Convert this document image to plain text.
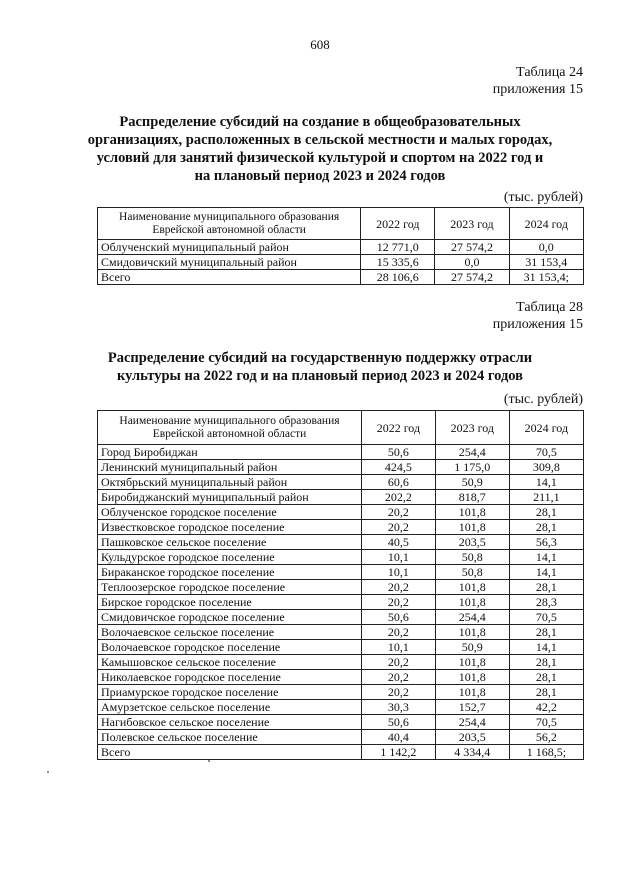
608
Таблица 24
приложения 15
Распределение субсидий на создание в общеобразовательных
организациях, расположенных в сельской местности и малых городах,
условий для занятий физической культурой и спортом на 2022 год и
на плановый период 2023 и 2024 годов
(тыс. рублей)
Наименование муниципального образования Еврейской автономной области	2022 год	2023 год	2024 год
Облученский муниципальный район	12 771,0	27 574,2	0,0
Смидовичский муниципальный район	15 335,6	0,0	31 153,4
Всего	28 106,6	27 574,2	31 153,4;
Таблица 28
приложения 15
Распределение субсидий на государственную поддержку отрасли
культуры на 2022 год и на плановый период 2023 и 2024 годов
(тыс. рублей)
Наименование муниципального образования Еврейской автономной области	2022 год	2023 год	2024 год
Город Биробиджан	50,6	254,4	70,5
Ленинский муниципальный район	424,5	1 175,0	309,8
Октябрьский муниципальный район	60,6	50,9	14,1
Биробиджанский муниципальный район	202,2	818,7	211,1
Облученское городское поселение	20,2	101,8	28,1
Известковское городское поселение	20,2	101,8	28,1
Пашковское сельское поселение	40,5	203,5	56,3
Кульдурское городское поселение	10,1	50,8	14,1
Бираканское городское поселение	10,1	50,8	14,1
Теплоозерское городское поселение	20,2	101,8	28,1
Бирское городское поселение	20,2	101,8	28,3
Смидовичское городское поселение	50,6	254,4	70,5
Волочаевское сельское поселение	20,2	101,8	28,1
Волочаевское городское поселение	10,1	50,9	14,1
Камышовское сельское поселение	20,2	101,8	28,1
Николаевское городское поселение	20,2	101,8	28,1
Приамурское городское поселение	20,2	101,8	28,1
Амурзетское сельское поселение	30,3	152,7	42,2
Нагибовское сельское поселение	50,6	254,4	70,5
Полевское сельское поселение	40,4	203,5	56,2
Всего	1 142,2	4 334,4	1 168,5;
